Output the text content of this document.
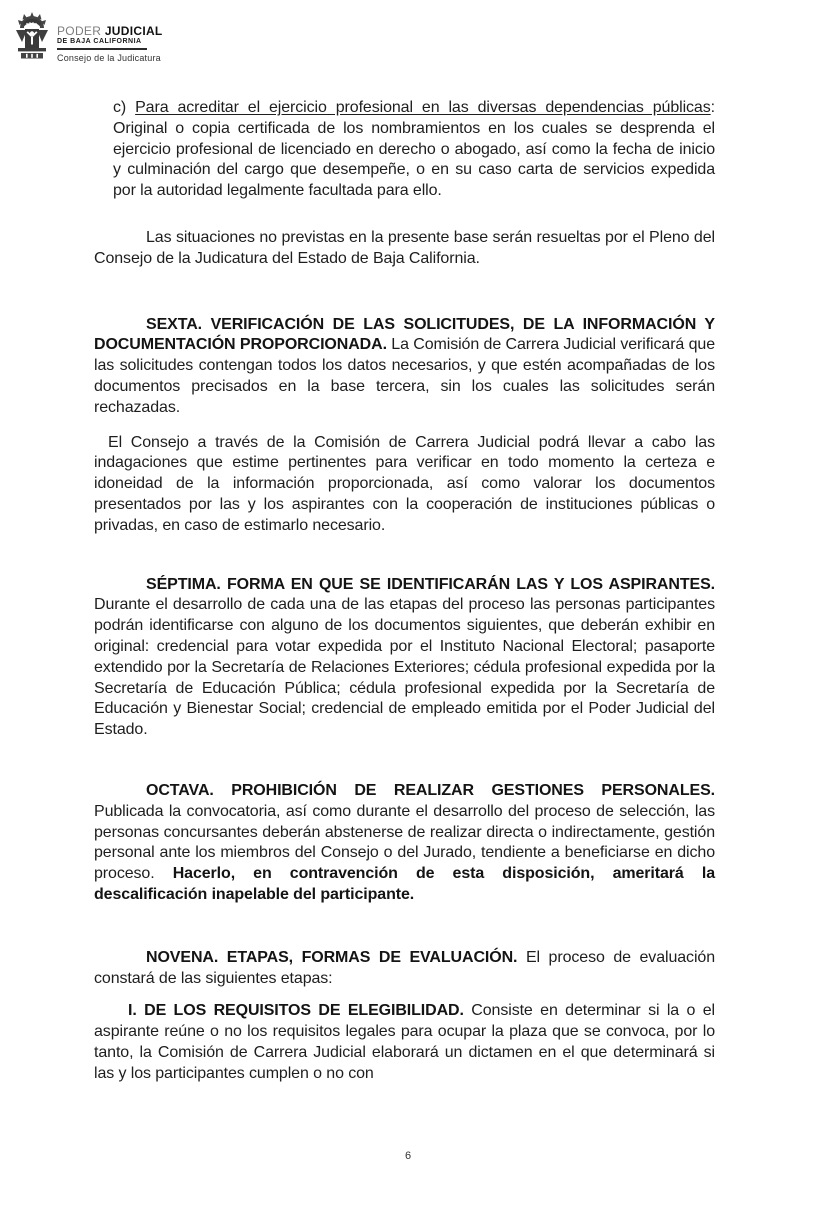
PODER JUDICIAL
DE BAJA CALIFORNIA
Consejo de la Judicatura

c) Para acreditar el ejercicio profesional en las diversas dependencias públicas: Original o copia certificada de los nombramientos en los cuales se desprenda el ejercicio profesional de licenciado en derecho o abogado, así como la fecha de inicio y culminación del cargo que desempeñe, o en su caso carta de servicios expedida por la autoridad legalmente facultada para ello.

Las situaciones no previstas en la presente base serán resueltas por el Pleno del Consejo de la Judicatura del Estado de Baja California.

SEXTA. VERIFICACIÓN DE LAS SOLICITUDES, DE LA INFORMACIÓN Y DOCUMENTACIÓN PROPORCIONADA. La Comisión de Carrera Judicial verificará que las solicitudes contengan todos los datos necesarios, y que estén acompañadas de los documentos precisados en la base tercera, sin los cuales las solicitudes serán rechazadas.

El Consejo a través de la Comisión de Carrera Judicial podrá llevar a cabo las indagaciones que estime pertinentes para verificar en todo momento la certeza e idoneidad de la información proporcionada, así como valorar los documentos presentados por las y los aspirantes con la cooperación de instituciones públicas o privadas, en caso de estimarlo necesario.

SÉPTIMA. FORMA EN QUE SE IDENTIFICARÁN LAS Y LOS ASPIRANTES. Durante el desarrollo de cada una de las etapas del proceso las personas participantes podrán identificarse con alguno de los documentos siguientes, que deberán exhibir en original: credencial para votar expedida por el Instituto Nacional Electoral; pasaporte extendido por la Secretaría de Relaciones Exteriores; cédula profesional expedida por la Secretaría de Educación Pública; cédula profesional expedida por la Secretaría de Educación y Bienestar Social; credencial de empleado emitida por el Poder Judicial del Estado.

OCTAVA. PROHIBICIÓN DE REALIZAR GESTIONES PERSONALES. Publicada la convocatoria, así como durante el desarrollo del proceso de selección, las personas concursantes deberán abstenerse de realizar directa o indirectamente, gestión personal ante los miembros del Consejo o del Jurado, tendiente a beneficiarse en dicho proceso. Hacerlo, en contravención de esta disposición, ameritará la descalificación inapelable del participante.

NOVENA. ETAPAS, FORMAS DE EVALUACIÓN. El proceso de evaluación constará de las siguientes etapas:

I. DE LOS REQUISITOS DE ELEGIBILIDAD. Consiste en determinar si la o el aspirante reúne o no los requisitos legales para ocupar la plaza que se convoca, por lo tanto, la Comisión de Carrera Judicial elaborará un dictamen en el que determinará si las y los participantes cumplen o no con

6
